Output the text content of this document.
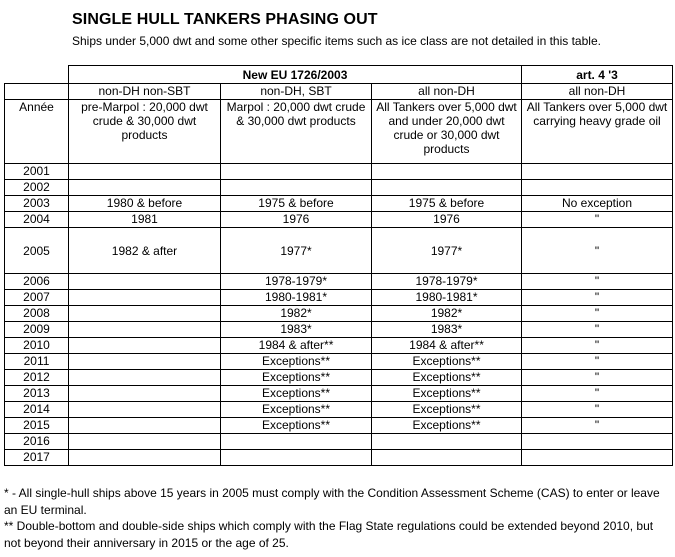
SINGLE HULL TANKERS PHASING OUT
Ships under 5,000 dwt and some other specific items such as ice class are not detailed in this table.
	New EU 1726/2003			art. 4 '3
	non-DH non-SBT	non-DH, SBT	all non-DH	all non-DH
Année	pre-Marpol : 20,000 dwt crude & 30,000 dwt products	Marpol : 20,000 dwt crude & 30,000 dwt products	All Tankers over 5,000 dwt and under 20,000 dwt crude or 30,000 dwt products	All Tankers over 5,000 dwt carrying heavy grade oil
2001				
2002				
2003	1980 & before	1975 & before	1975 & before	No exception
2004	1981	1976	1976	"
2005	1982 & after	1977*	1977*	"
2006		1978-1979*	1978-1979*	"
2007		1980-1981*	1980-1981*	"
2008		1982*	1982*	"
2009		1983*	1983*	"
2010		1984 & after**	1984 & after**	"
2011		Exceptions**	Exceptions**	"
2012		Exceptions**	Exceptions**	"
2013		Exceptions**	Exceptions**	"
2014		Exceptions**	Exceptions**	"
2015		Exceptions**	Exceptions**	"
2016				
2017				

* - All single-hull ships above 15 years in 2005 must comply with the Condition Assessment Scheme (CAS) to enter or leave an EU terminal.

** Double-bottom and double-side ships which comply with the Flag State regulations could be extended beyond 2010, but not beyond their anniversary in 2015 or the age of 25.
